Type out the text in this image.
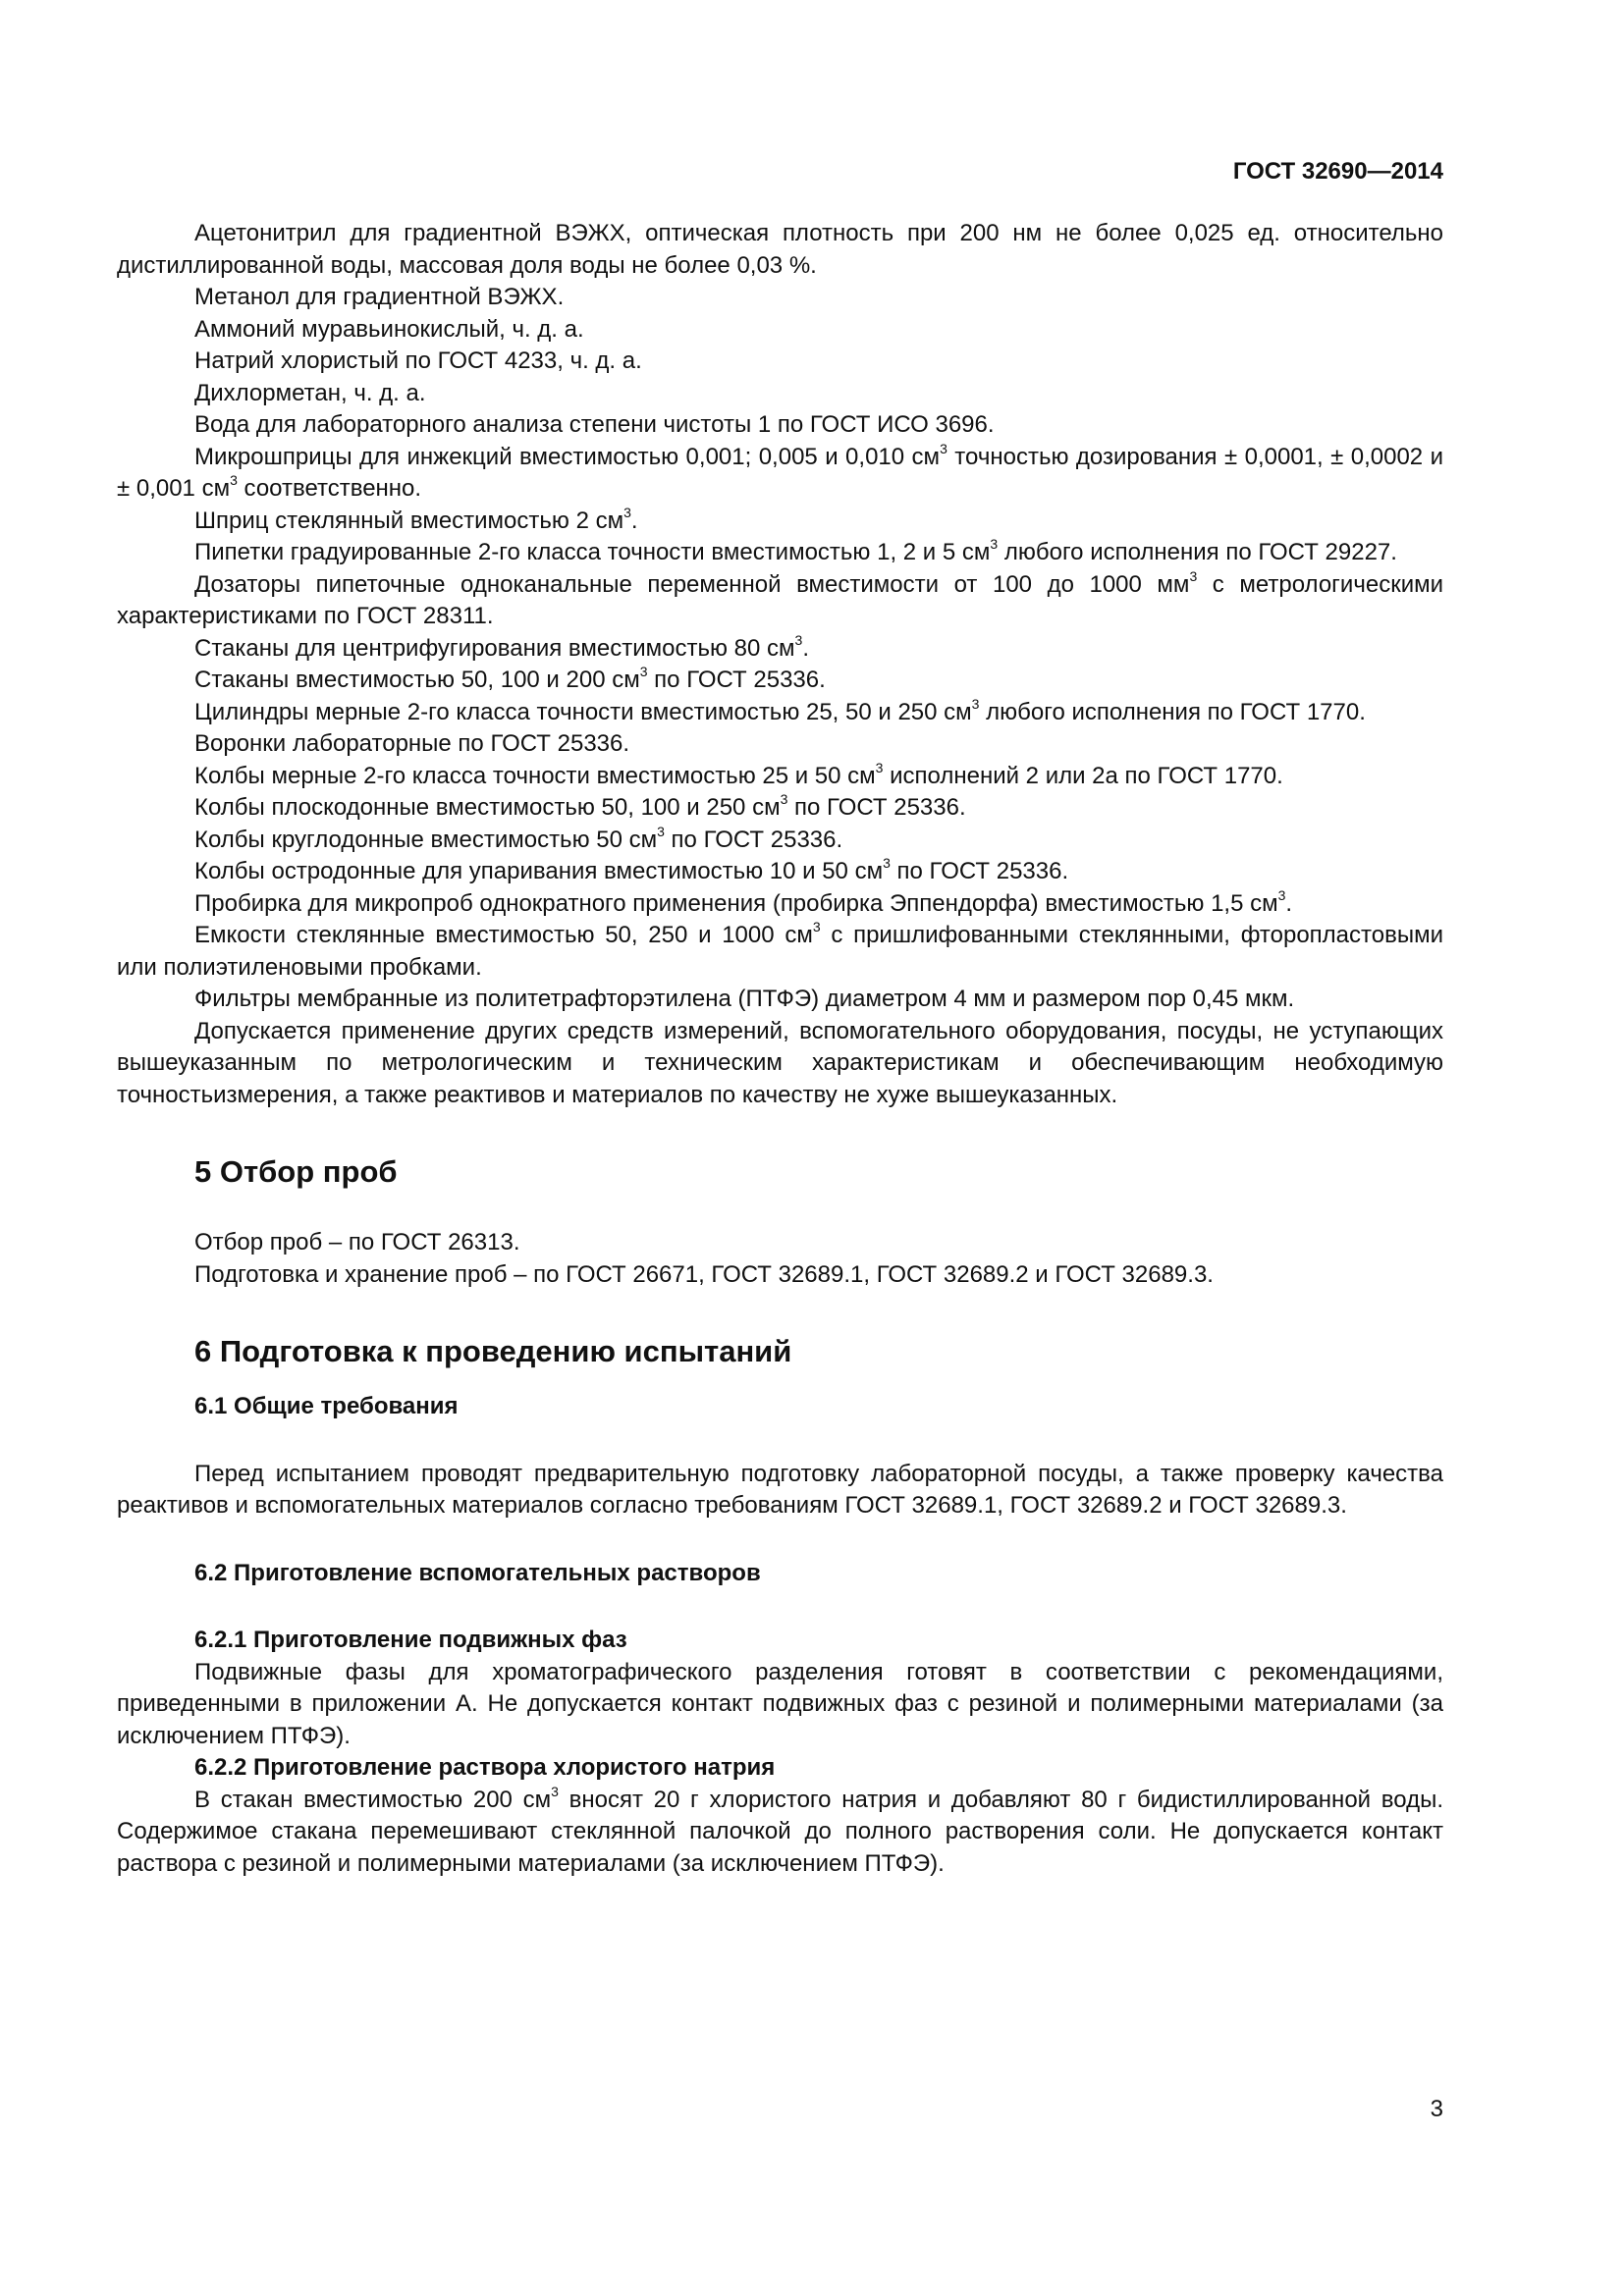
ГОСТ 32690—2014

Ацетонитрил для градиентной ВЭЖХ, оптическая плотность при 200 нм не более 0,025 ед. относительно дистиллированной воды, массовая доля воды не более 0,03 %.

Метанол для градиентной ВЭЖХ.

Аммоний муравьинокислый, ч. д. а.

Натрий хлористый по ГОСТ 4233, ч. д. а.

Дихлорметан, ч. д. а.

Вода для лабораторного анализа степени чистоты 1 по ГОСТ ИСО 3696.

Микрошприцы для инжекций вместимостью 0,001; 0,005 и 0,010 $см^3$ точностью дозирования ± 0,0001, ± 0,0002 и ± 0,001 $см^3$ соответственно.

Шприц стеклянный вместимостью 2 $см^3$.

Пипетки градуированные 2-го класса точности вместимостью 1, 2 и 5 $см^3$ любого исполнения по ГОСТ 29227.

Дозаторы пипеточные одноканальные переменной вместимости от 100 до 1000 $мм^3$ с метрологическими характеристиками по ГОСТ 28311.

Стаканы для центрифугирования вместимостью 80 $см^3$.

Стаканы вместимостью 50, 100 и 200 $см^3$ по ГОСТ 25336.

Цилиндры мерные 2-го класса точности вместимостью 25, 50 и 250 $см^3$ любого исполнения по ГОСТ 1770.

Воронки лабораторные по ГОСТ 25336.

Колбы мерные 2-го класса точности вместимостью 25 и 50 $см^3$ исполнений 2 или 2а по ГОСТ 1770.

Колбы плоскодонные вместимостью 50, 100 и 250 $см^3$ по ГОСТ 25336.

Колбы круглодонные вместимостью 50 $см^3$ по ГОСТ 25336.

Колбы остродонные для упаривания вместимостью 10 и 50 $см^3$ по ГОСТ 25336.

Пробирка для микропроб однократного применения (пробирка Эппендорфа) вместимостью 1,5 $см^3$.

Емкости стеклянные вместимостью 50, 250 и 1000 $см^3$ с пришлифованными стеклянными, фторопластовыми или полиэтиленовыми пробками.

Фильтры мембранные из политетрафторэтилена (ПТФЭ) диаметром 4 мм и размером пор 0,45 мкм.

Допускается применение других средств измерений, вспомогательного оборудования, посуды, не уступающих вышеуказанным по метрологическим и техническим характеристикам и обеспечивающим необходимую точностьизмерения, а также реактивов и материалов по качеству не хуже вышеуказанных.

5 Отбор проб

Отбор проб – по ГОСТ 26313.

Подготовка и хранение проб – по ГОСТ 26671, ГОСТ 32689.1, ГОСТ 32689.2 и ГОСТ 32689.3.

6 Подготовка к проведению испытаний
6.1 Общие требования

Перед испытанием проводят предварительную подготовку лабораторной посуды, а также проверку качества реактивов и вспомогательных материалов согласно требованиям ГОСТ 32689.1, ГОСТ 32689.2 и ГОСТ 32689.3.

6.2 Приготовление вспомогательных растворов
6.2.1 Приготовление подвижных фаз

Подвижные фазы для хроматографического разделения готовят в соответствии с рекомендациями, приведенными в приложении А. Не допускается контакт подвижных фаз с резиной и полимерными материалами (за исключением ПТФЭ).

6.2.2 Приготовление раствора хлористого натрия

В стакан вместимостью 200 $см^3$ вносят 20 г хлористого натрия и добавляют 80 г бидистиллированной воды. Содержимое стакана перемешивают стеклянной палочкой до полного растворения соли. Не допускается контакт раствора с резиной и полимерными материалами (за исключением ПТФЭ).

3
